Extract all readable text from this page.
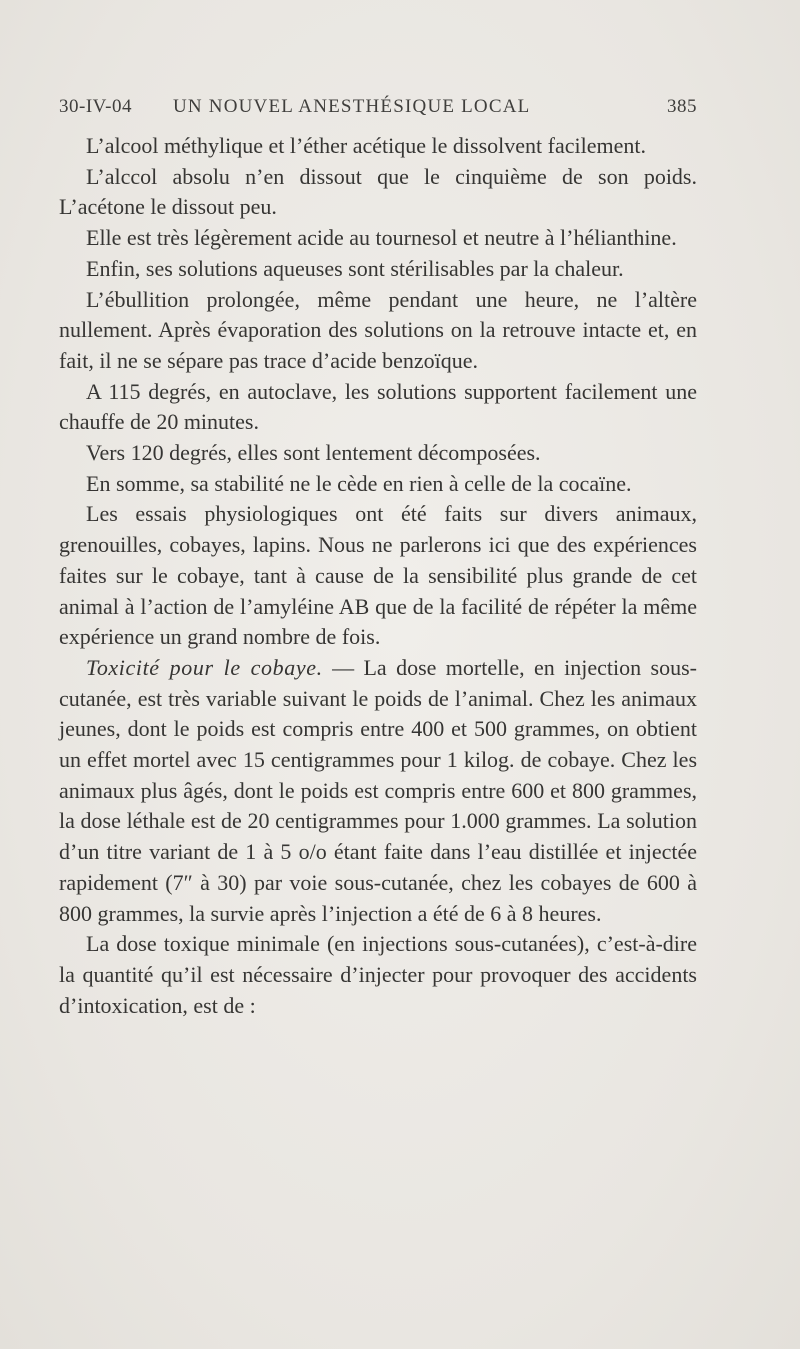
30-IV-04 UN NOUVEL ANESTHÉSIQUE LOCAL	385

L’alcool méthylique et l’éther acétique le dissolvent facilement.

L’alccol absolu n’en dissout que le cinquième de son poids. L’acétone le dissout peu.

Elle est très légèrement acide au tournesol et neutre à l’hélianthine.

Enfin, ses solutions aqueuses sont stérilisables par la chaleur.

L’ébullition prolongée, même pendant une heure, ne l’altère nullement. Après évaporation des solutions on la retrouve intacte et, en fait, il ne se sépare pas trace d’acide benzoïque.

A 115 degrés, en autoclave, les solutions supportent facilement une chauffe de 20 minutes.

Vers 120 degrés, elles sont lentement décomposées.

En somme, sa stabilité ne le cède en rien à celle de la cocaïne.

Les essais physiologiques ont été faits sur divers animaux, grenouilles, cobayes, lapins. Nous ne parlerons ici que des expériences faites sur le cobaye, tant à cause de la sensibilité plus grande de cet animal à l’action de l’amyléine AB que de la facilité de répéter la même expérience un grand nombre de fois.

Toxicité pour le cobaye. — La dose mortelle, en injection sous-cutanée, est très variable suivant le poids de l’animal. Chez les animaux jeunes, dont le poids est compris entre 400 et 500 grammes, on obtient un effet mortel avec 15 centigrammes pour 1 kilog. de cobaye. Chez les animaux plus âgés, dont le poids est compris entre 600 et 800 grammes, la dose léthale est de 20 centigrammes pour 1.000 grammes. La solution d’un titre variant de 1 à 5 o/o étant faite dans l’eau distillée et injectée rapidement (7″ à 30) par voie sous-cutanée, chez les cobayes de 600 à 800 grammes, la survie après l’injection a été de 6 à 8 heures.

La dose toxique minimale (en injections sous-cutanées), c’est-à-dire la quantité qu’il est nécessaire d’injecter pour provoquer des accidents d’intoxication, est de :
